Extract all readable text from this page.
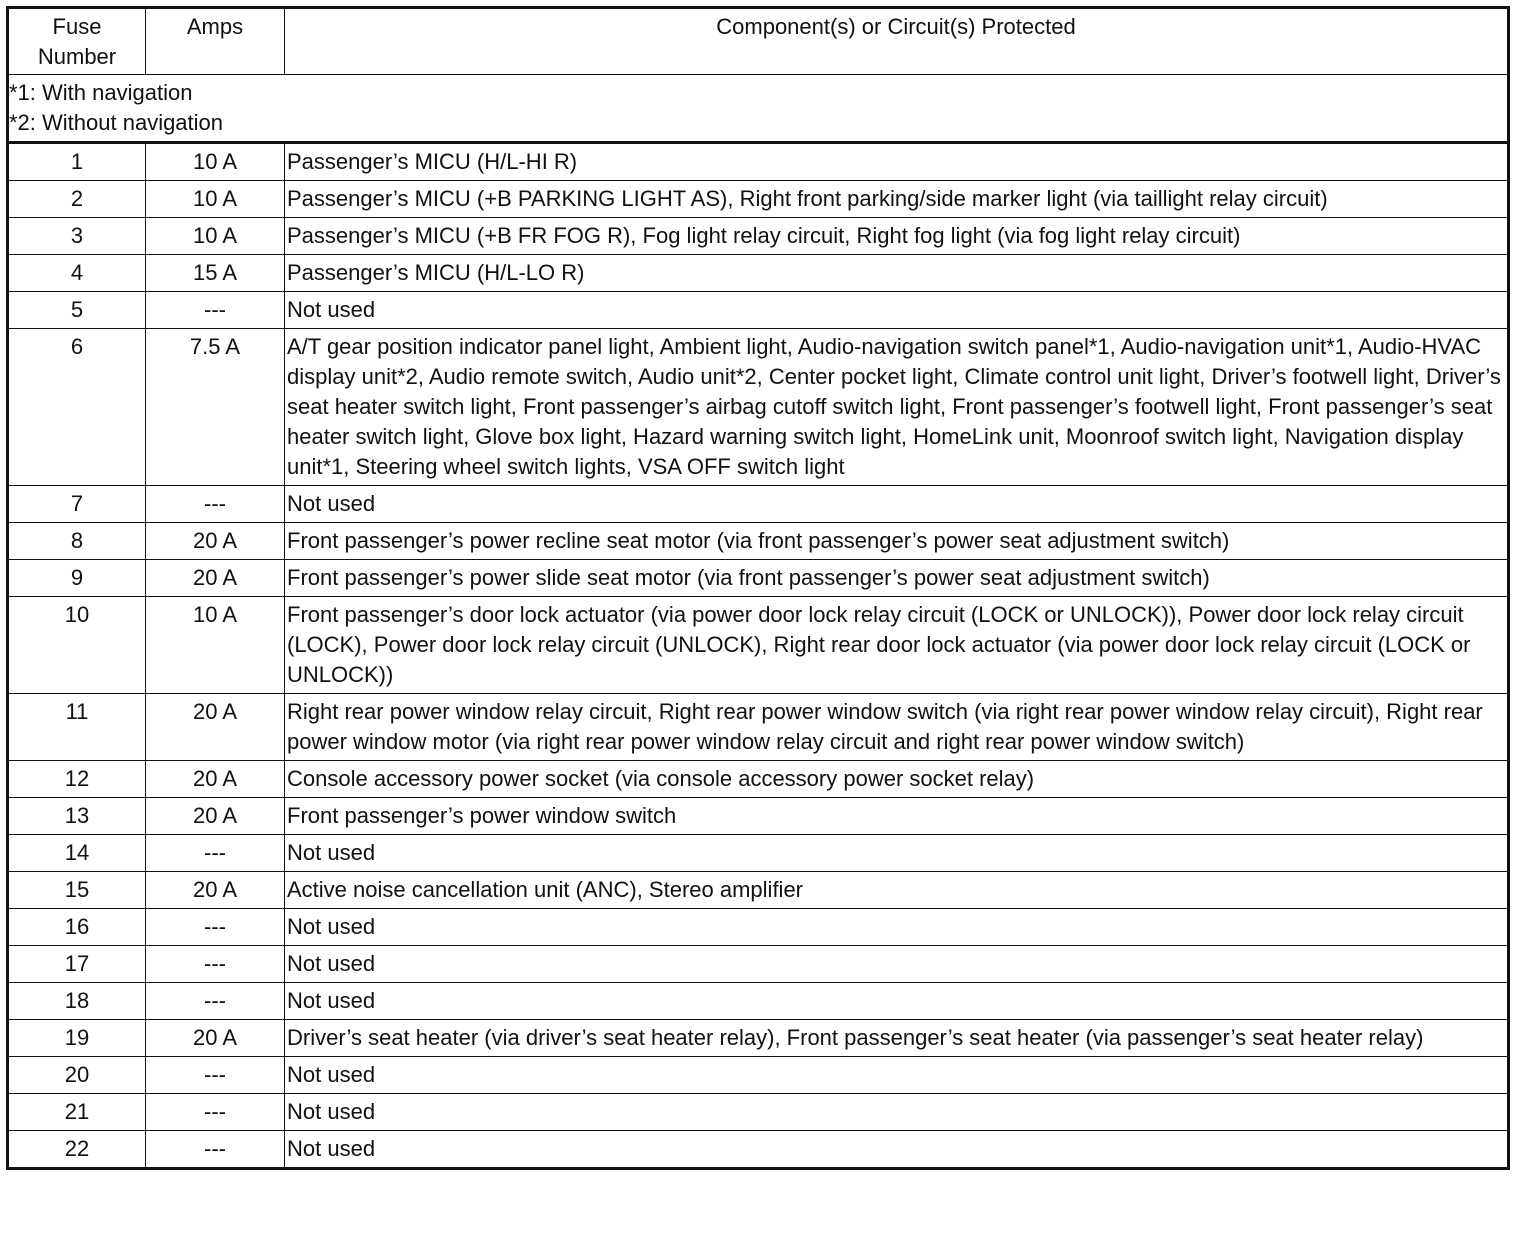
Fuse
Number	Amps	Component(s) or Circuit(s) Protected

*1: With navigation
*2: Without navigation		

1	10 A	Passenger’s MICU (H/L-HI R)
2	10 A	Passenger’s MICU (+B PARKING LIGHT AS), Right front parking/side marker light (via taillight relay circuit)
3	10 A	Passenger’s MICU (+B FR FOG R), Fog light relay circuit, Right fog light (via fog light relay circuit)
4	15 A	Passenger’s MICU (H/L-LO R)
5	---	Not used
6	7.5 A	A/T gear position indicator panel light, Ambient light, Audio-navigation switch panel*1, Audio-navigation unit*1, Audio-HVAC display unit*2, Audio remote switch, Audio unit*2, Center pocket light, Climate control unit light, Driver’s footwell light, Driver’s seat heater switch light, Front passenger’s airbag cutoff switch light, Front passenger’s footwell light, Front passenger’s seat heater switch light, Glove box light, Hazard warning switch light, HomeLink unit, Moonroof switch light, Navigation display unit*1, Steering wheel switch lights, VSA OFF switch light
7	---	Not used
8	20 A	Front passenger’s power recline seat motor (via front passenger’s power seat adjustment switch)
9	20 A	Front passenger’s power slide seat motor (via front passenger’s power seat adjustment switch)
10	10 A	Front passenger’s door lock actuator (via power door lock relay circuit (LOCK or UNLOCK)), Power door lock relay circuit (LOCK), Power door lock relay circuit (UNLOCK), Right rear door lock actuator (via power door lock relay circuit (LOCK or UNLOCK))
11	20 A	Right rear power window relay circuit, Right rear power window switch (via right rear power window relay circuit), Right rear power window motor (via right rear power window relay circuit and right rear power window switch)
12	20 A	Console accessory power socket (via console accessory power socket relay)
13	20 A	Front passenger’s power window switch
14	---	Not used
15	20 A	Active noise cancellation unit (ANC), Stereo amplifier
16	---	Not used
17	---	Not used
18	---	Not used
19	20 A	Driver’s seat heater (via driver’s seat heater relay), Front passenger’s seat heater (via passenger’s seat heater relay)
20	---	Not used
21	---	Not used
22	---	Not used
